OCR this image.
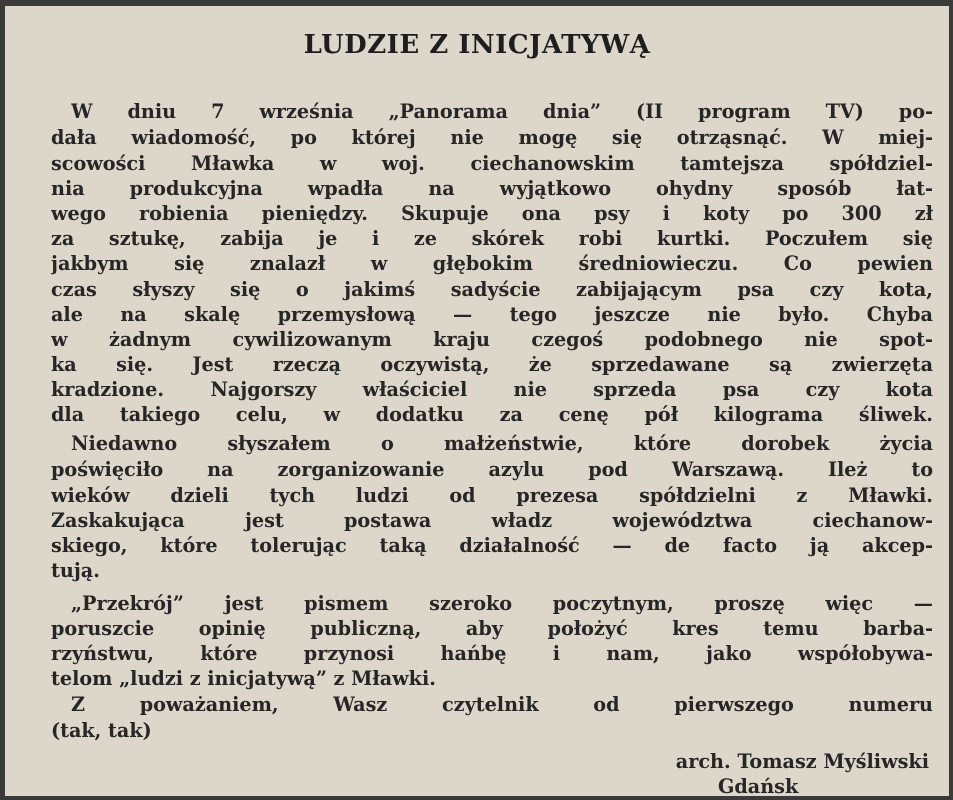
LUDZIE Z INICJATYWĄ
W dniu 7 września „Panorama dnia” (II program TV) po-
dała wiadomość, po której nie mogę się otrząsnąć. W miej-
scowości Mławka w woj. ciechanowskim tamtejsza spółdziel-
nia produkcyjna wpadła na wyjątkowo ohydny sposób łat-
wego robienia pieniędzy. Skupuje ona psy i koty po 300 zł
za sztukę, zabija je i ze skórek robi kurtki. Poczułem się
jakbym się znalazł w głębokim średniowieczu. Co pewien
czas słyszy się o jakimś sadyście zabijającym psa czy kota,
ale na skalę przemysłową — tego jeszcze nie było. Chyba
w żadnym cywilizowanym kraju czegoś podobnego nie spot-
ka się. Jest rzeczą oczywistą, że sprzedawane są zwierzęta
kradzione. Najgorszy właściciel nie sprzeda psa czy kota
dla takiego celu, w dodatku za cenę pół kilograma śliwek.
Niedawno słyszałem o małżeństwie, które dorobek życia
poświęciło na zorganizowanie azylu pod Warszawą. Ileż to
wieków dzieli tych ludzi od prezesa spółdzielni z Mławki.
Zaskakująca jest postawa władz województwa ciechanow-
skiego, które tolerując taką działalność — de facto ją akcep-
tują.
„Przekrój” jest pismem szeroko poczytnym, proszę więc —
poruszcie opinię publiczną, aby położyć kres temu barba-
rzyństwu, które przynosi hańbę i nam, jako współobywa-
telom „ludzi z inicjatywą” z Mławki.
Z poważaniem, Wasz czytelnik od pierwszego numeru
(tak, tak)
arch. Tomasz Myśliwski
Gdańsk
